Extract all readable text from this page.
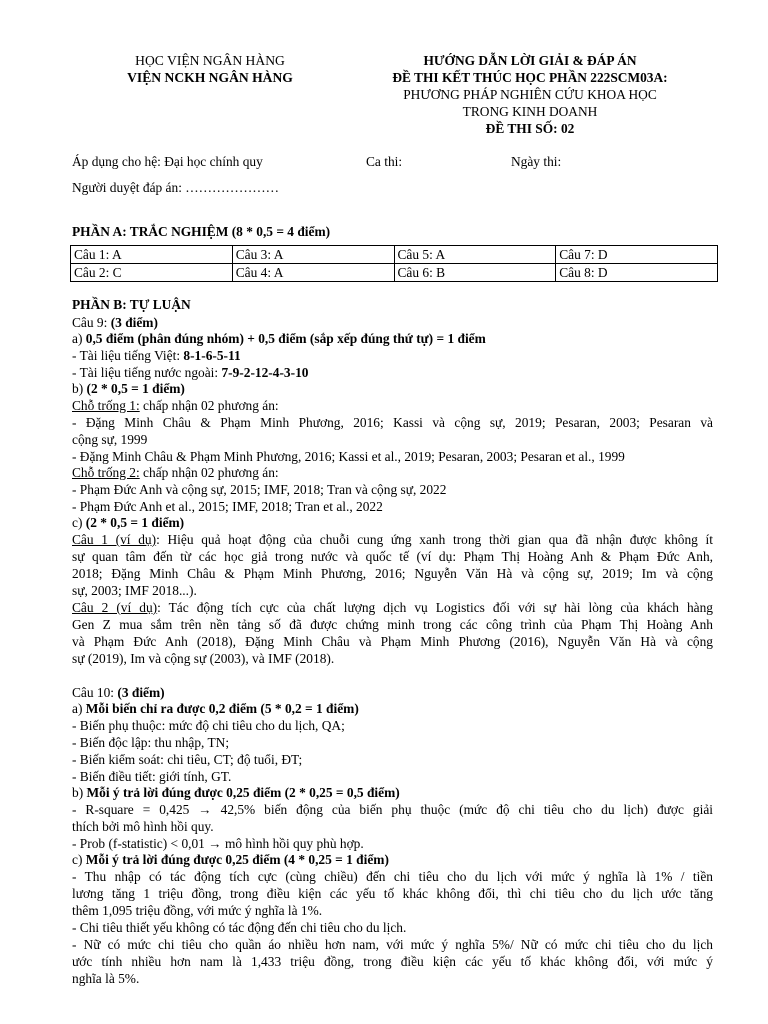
HỌC VIỆN NGÂN HÀNG
VIỆN NCKH NGÂN HÀNG
HƯỚNG DẪN LỜI GIẢI & ĐÁP ÁN
ĐỀ THI KẾT THÚC HỌC PHẦN 222SCM03A:
PHƯƠNG PHÁP NGHIÊN CỨU KHOA HỌC
TRONG KINH DOANH
ĐỀ THI SỐ: 02
Áp dụng cho hệ: Đại học chính quy	Ca thi:	Ngày thi:
Người duyệt đáp án: …………………
PHẦN A: TRẮC NGHIỆM (8 * 0,5 = 4 điểm)
Câu 1: A	Câu 3: A	Câu 5: A	Câu 7: D
Câu 2: C	Câu 4: A	Câu 6: B	Câu 8: D
PHẦN B: TỰ LUẬN
Câu 9: (3 điểm)
a) 0,5 điểm (phân đúng nhóm) + 0,5 điểm (sắp xếp đúng thứ tự) = 1 điểm
- Tài liệu tiếng Việt: 8-1-6-5-11
- Tài liệu tiếng nước ngoài: 7-9-2-12-4-3-10
b) (2 * 0,5 = 1 điểm)
Chỗ trống 1: chấp nhận 02 phương án:
- Đặng Minh Châu & Phạm Minh Phương, 2016; Kassi và cộng sự, 2019; Pesaran, 2003; Pesaran và
cộng sự, 1999
- Đặng Minh Châu & Phạm Minh Phương, 2016; Kassi et al., 2019; Pesaran, 2003; Pesaran et al., 1999
Chỗ trống 2: chấp nhận 02 phương án:
- Phạm Đức Anh và cộng sự, 2015; IMF, 2018; Tran và cộng sự, 2022
- Phạm Đức Anh et al., 2015; IMF, 2018; Tran et al., 2022
c) (2 * 0,5 = 1 điểm)
Câu 1 (ví dụ): Hiệu quả hoạt động của chuỗi cung ứng xanh trong thời gian qua đã nhận được không ít
sự quan tâm đến từ các học giả trong nước và quốc tế (ví dụ: Phạm Thị Hoàng Anh & Phạm Đức Anh,
2018; Đặng Minh Châu & Phạm Minh Phương, 2016; Nguyễn Văn Hà và cộng sự, 2019; Im và cộng
sự, 2003; IMF 2018...).
Câu 2 (ví dụ): Tác động tích cực của chất lượng dịch vụ Logistics đối với sự hài lòng của khách hàng
Gen Z mua sắm trên nền tảng số đã được chứng minh trong các công trình của Phạm Thị Hoàng Anh
và Phạm Đức Anh (2018), Đặng Minh Châu và Phạm Minh Phương (2016), Nguyễn Văn Hà và cộng
sự (2019), Im và cộng sự (2003), và IMF (2018).
Câu 10: (3 điểm)
a) Mỗi biến chỉ ra được 0,2 điểm (5 * 0,2 = 1 điểm)
- Biến phụ thuộc: mức độ chi tiêu cho du lịch, QA;
- Biến độc lập: thu nhập, TN;
- Biến kiểm soát: chi tiêu, CT; độ tuổi, ĐT;
- Biến điều tiết: giới tính, GT.
b) Mỗi ý trả lời đúng được 0,25 điểm (2 * 0,25 = 0,5 điểm)
- R-square = 0,425 → 42,5% biến động của biến phụ thuộc (mức độ chi tiêu cho du lịch) được giải
thích bởi mô hình hồi quy.
- Prob (f-statistic) < 0,01 → mô hình hồi quy phù hợp.
c) Mỗi ý trả lời đúng được 0,25 điểm (4 * 0,25 = 1 điểm)
- Thu nhập có tác động tích cực (cùng chiều) đến chi tiêu cho du lịch với mức ý nghĩa là 1% / tiền
lương tăng 1 triệu đồng, trong điều kiện các yếu tố khác không đổi, thì chi tiêu cho du lịch ước tăng
thêm 1,095 triệu đồng, với mức ý nghĩa là 1%.
- Chi tiêu thiết yếu không có tác động đến chi tiêu cho du lịch.
- Nữ có mức chi tiêu cho quần áo nhiều hơn nam, với mức ý nghĩa 5%/ Nữ có mức chi tiêu cho du lịch
ước tính nhiều hơn nam là 1,433 triệu đồng, trong điều kiện các yếu tố khác không đổi, với mức ý
nghĩa là 5%.
